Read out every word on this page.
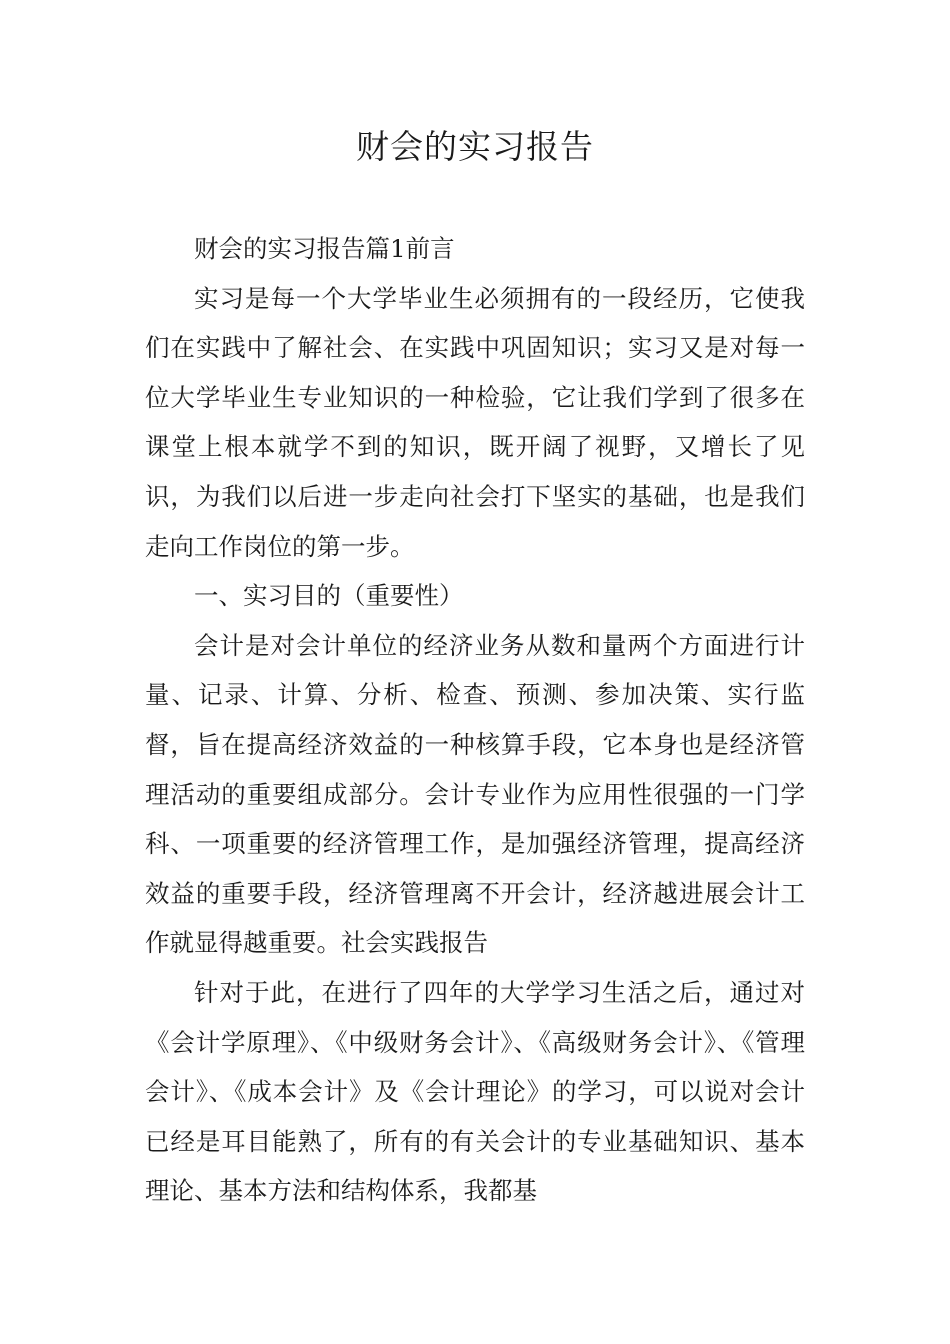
财会的实习报告

财会的实习报告篇1前言

实习是每一个大学毕业生必须拥有的一段经历，它使我们在实践中了解社会、在实践中巩固知识；实习又是对每一位大学毕业生专业知识的一种检验，它让我们学到了很多在课堂上根本就学不到的知识，既开阔了视野，又增长了见识，为我们以后进一步走向社会打下坚实的基础，也是我们走向工作岗位的第一步。

一、实习目的（重要性）

会计是对会计单位的经济业务从数和量两个方面进行计量、记录、计算、分析、检查、预测、参加决策、实行监督，旨在提高经济效益的一种核算手段，它本身也是经济管理活动的重要组成部分。会计专业作为应用性很强的一门学科、一项重要的经济管理工作，是加强经济管理，提高经济效益的重要手段，经济管理离不开会计，经济越进展会计工作就显得越重要。社会实践报告

针对于此，在进行了四年的大学学习生活之后，通过对《会计学原理》、《中级财务会计》、《高级财务会计》、《管理会计》、《成本会计》及《会计理论》的学习，可以说对会计已经是耳目能熟了，所有的有关会计的专业基础知识、基本理论、基本方法和结构体系，我都基
